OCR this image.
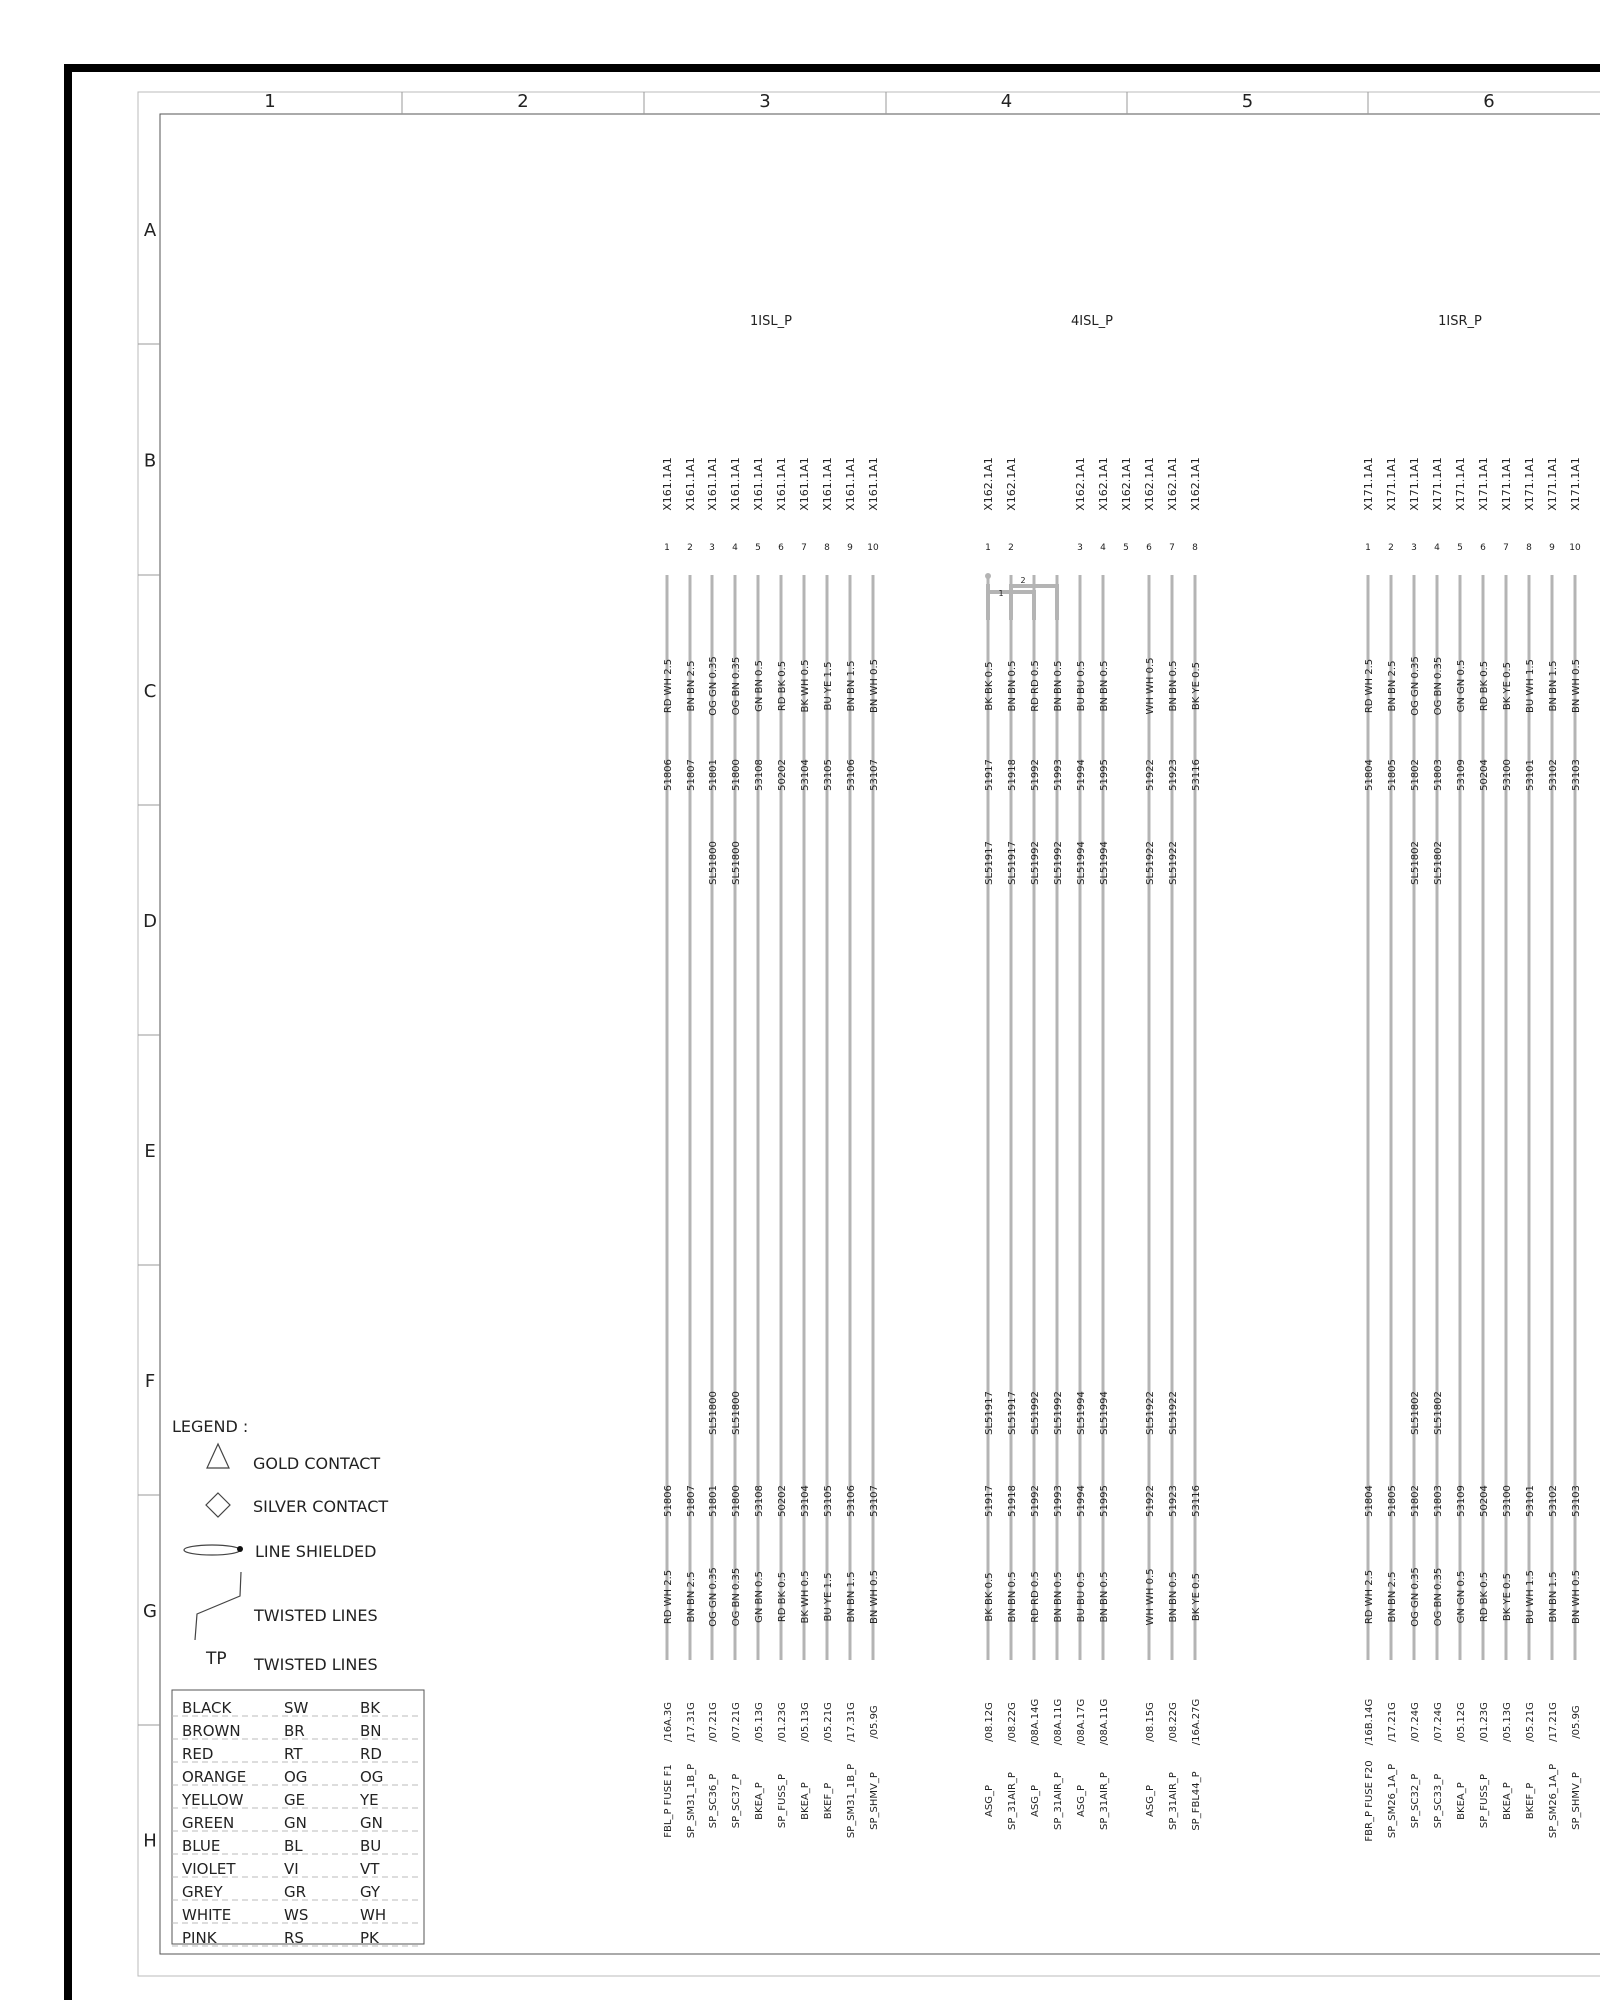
1	2	3	4	5	6
A
B
C
D
E
F
G
H
1ISL_P
X161.1A1
1
RD WH 2.5
51806
51806
RD WH 2.5
/16A.3G
FBL_P FUSE F1
X161.1A1
2
BN BN 2.5
51807
51807
BN BN 2.5
/17.31G
SP_SM31_1B_P
X161.1A1
3
OG GN 0.35
51801
SL51800
SL51800
51801
OG GN 0.35
/07.21G
SP_SC36_P
X161.1A1
4
OG BN 0.35
51800
SL51800
SL51800
51800
OG BN 0.35
/07.21G
SP_SC37_P
X161.1A1
5
GN BN 0.5
53108
53108
GN BN 0.5
/05.13G
BKEA_P
X161.1A1
6
RD BK 0.5
50202
50202
RD BK 0.5
/01.23G
SP_FUSS_P
X161.1A1
7
BK WH 0.5
53104
53104
BK WH 0.5
/05.13G
BKEA_P
X161.1A1
8
BU YE 1.5
53105
53105
BU YE 1.5
/05.21G
BKEF_P
X161.1A1
9
BN BN 1.5
53106
53106
BN BN 1.5
/17.31G
SP_SM31_1B_P
X161.1A1
10
BN WH 0.5
53107
53107
BN WH 0.5
/05.9G
SP_SHMV_P
4ISL_P
X162.1A1
1
BK BK 0.5
51917
SL51917
SL51917
51917
BK BK 0.5
/08.12G
ASG_P
X162.1A1
2
BN BN 0.5
51918
SL51917
SL51917
51918
BN BN 0.5
/08.22G
SP_31AIR_P
RD RD 0.5
51992
SL51992
SL51992
51992
RD RD 0.5
/08A.14G
ASG_P
BN BN 0.5
51993
SL51992
SL51992
51993
BN BN 0.5
/08A.11G
SP_31AIR_P
X162.1A1
3
BU BU 0.5
51994
SL51994
SL51994
51994
BU BU 0.5
/08A.17G
ASG_P
X162.1A1
4
BN BN 0.5
51995
SL51994
SL51994
51995
BN BN 0.5
/08A.11G
SP_31AIR_P
X162.1A1
5
X162.1A1
6
WH WH 0.5
51922
SL51922
SL51922
51922
WH WH 0.5
/08.15G
ASG_P
X162.1A1
7
BN BN 0.5
51923
SL51922
SL51922
51923
BN BN 0.5
/08.22G
SP_31AIR_P
X162.1A1
8
BK YE 0.5
53116
53116
BK YE 0.5
/16A.27G
SP_FBL44_P
1ISR_P
X171.1A1
1
RD WH 2.5
51804
51804
RD WH 2.5
/16B.14G
FBR_P FUSE F20
X171.1A1
2
BN BN 2.5
51805
51805
BN BN 2.5
/17.21G
SP_SM26_1A_P
X171.1A1
3
OG GN 0.35
51802
SL51802
SL51802
51802
OG GN 0.35
/07.24G
SP_SC32_P
X171.1A1
4
OG BN 0.35
51803
SL51802
SL51802
51803
OG BN 0.35
/07.24G
SP_SC33_P
X171.1A1
5
GN GN 0.5
53109
53109
GN GN 0.5
/05.12G
BKEA_P
X171.1A1
6
RD BK 0.5
50204
50204
RD BK 0.5
/01.23G
SP_FUSS_P
X171.1A1
7
BK YE 0.5
53100
53100
BK YE 0.5
/05.13G
BKEA_P
X171.1A1
8
BU WH 1.5
53101
53101
BU WH 1.5
/05.21G
BKEF_P
X171.1A1
9
BN BN 1.5
53102
53102
BN BN 1.5
/17.21G
SP_SM26_1A_P
X171.1A1
10
BN WH 0.5
53103
53103
BN WH 0.5
/05.9G
SP_SHMV_P
1
2
BLACK	SW	BK
BROWN	BR	BN
RED	RT	RD
ORANGE	OG	OG
YELLOW	GE	YE
GREEN	GN	GN
BLUE	BL	BU
VIOLET	VI	VT
GREY	GR	GY
WHITE	WS	WH
PINK	RS	PK
LEGEND :
GOLD CONTACT
SILVER CONTACT
LINE SHIELDED
TWISTED LINES
TP TWISTED LINES
